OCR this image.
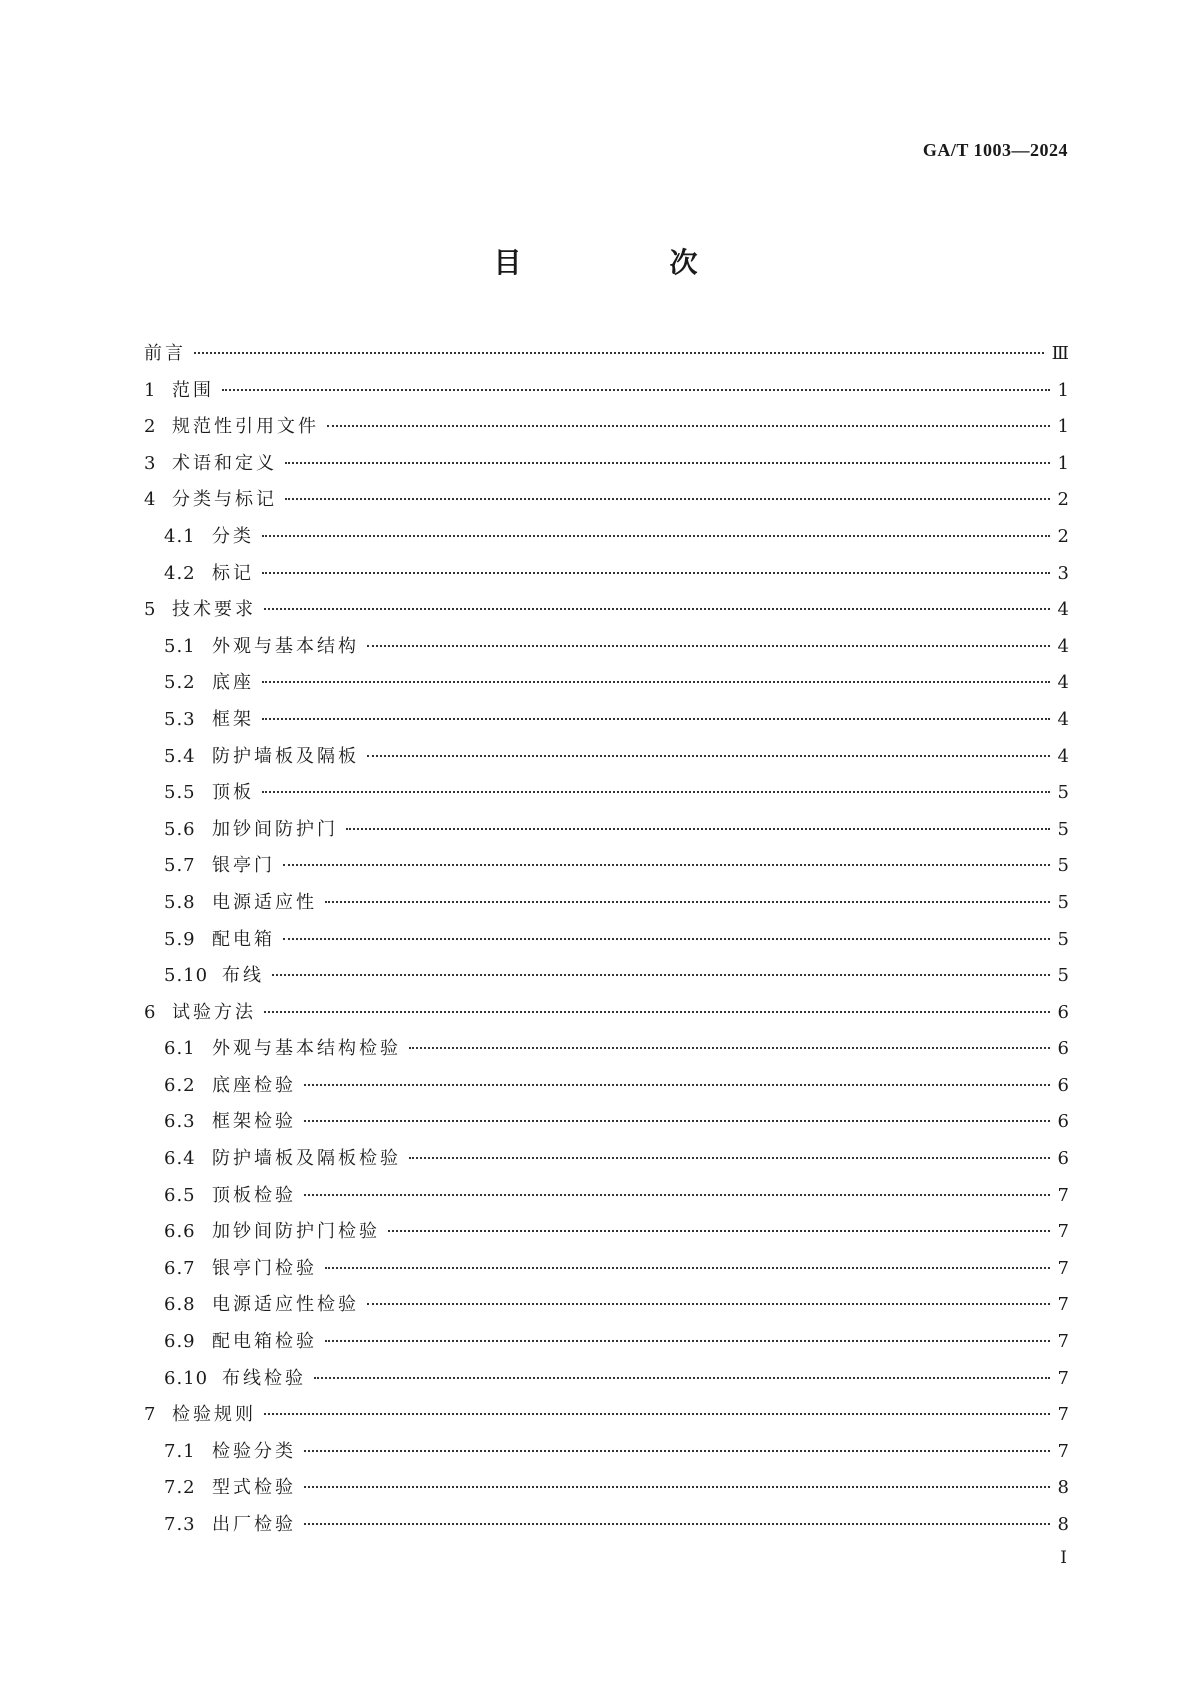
GA/T 1003—2024
目　次
前言	Ⅲ
1 范围	1
2 规范性引用文件	1
3 术语和定义	1
4 分类与标记	2
4.1 分类	2
4.2 标记	3
5 技术要求	4
5.1 外观与基本结构	4
5.2 底座	4
5.3 框架	4
5.4 防护墙板及隔板	4
5.5 顶板	5
5.6 加钞间防护门	5
5.7 银亭门	5
5.8 电源适应性	5
5.9 配电箱	5
5.10 布线	5
6 试验方法	6
6.1 外观与基本结构检验	6
6.2 底座检验	6
6.3 框架检验	6
6.4 防护墙板及隔板检验	6
6.5 顶板检验	7
6.6 加钞间防护门检验	7
6.7 银亭门检验	7
6.8 电源适应性检验	7
6.9 配电箱检验	7
6.10 布线检验	7
7 检验规则	7
7.1 检验分类	7
7.2 型式检验	8
7.3 出厂检验	8
Ⅰ
